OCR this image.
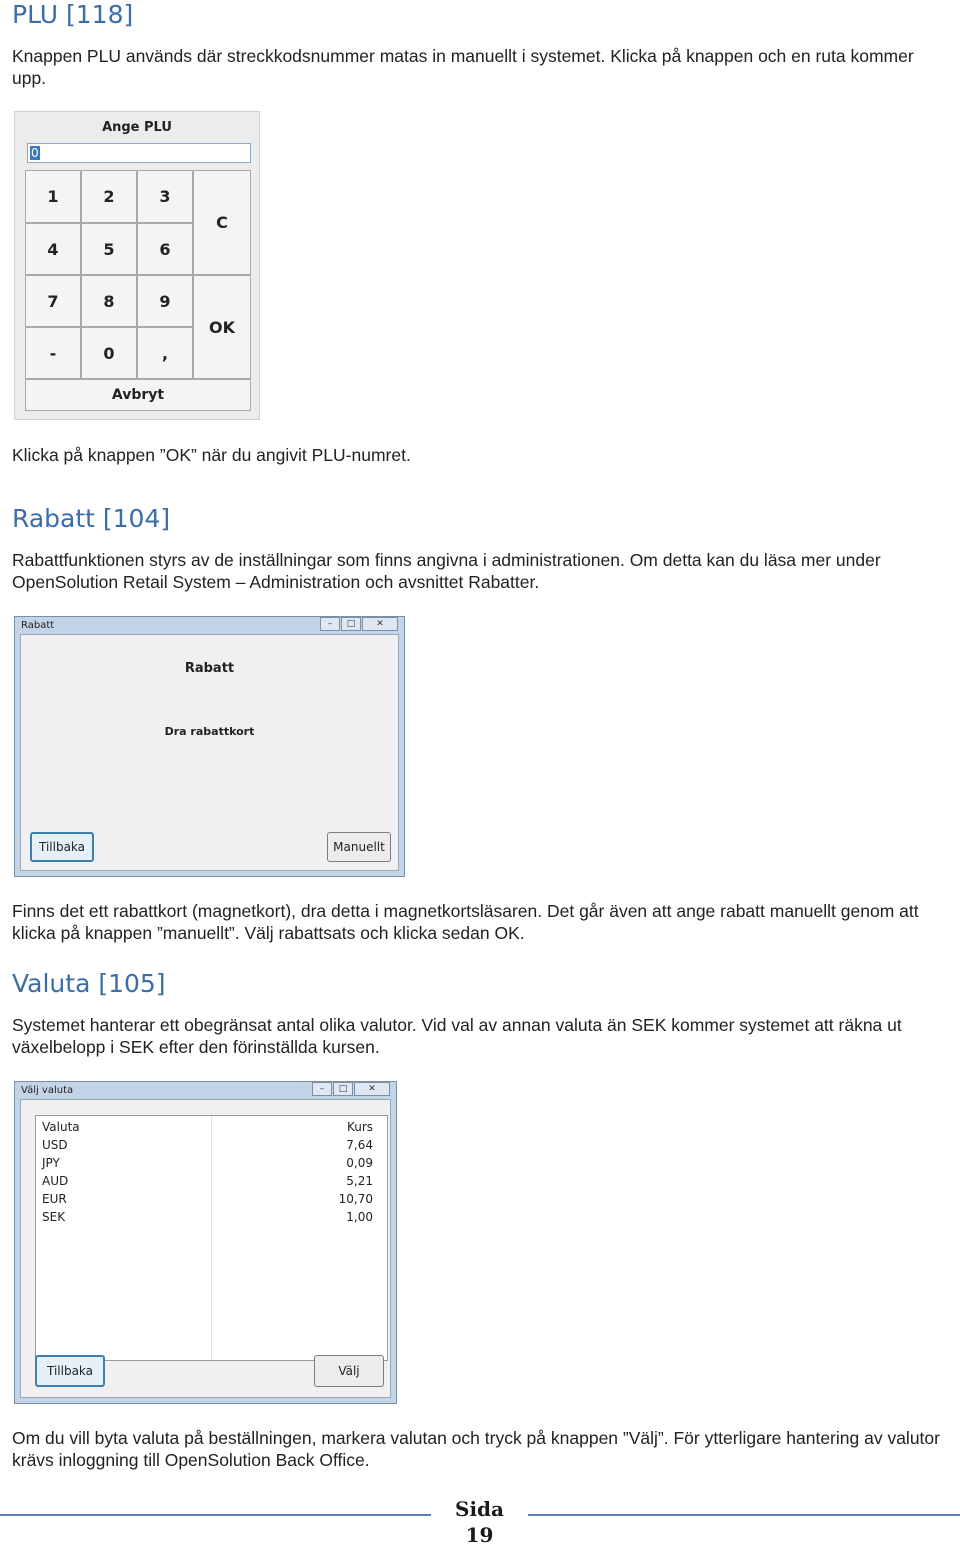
PLU [118]

Knappen PLU används där streckkodsnummer matas in manuellt i systemet. Klicka på knappen och en ruta kommer upp.

Ange PLU
0
1	2	3
4	5	6
7	8	9
-	0	,
C
OK
Avbryt

Klicka på knappen ”OK” när du angivit PLU-numret.

Rabatt [104]

Rabattfunktionen styrs av de inställningar som finns angivna i administrationen. Om detta kan du läsa mer under OpenSolution Retail System – Administration och avsnittet Rabatter.

Rabatt	–	□	✕
Rabatt
Dra rabattkort
Tillbaka	Manuellt

Finns det ett rabattkort (magnetkort), dra detta i magnetkortsläsaren. Det går även att ange rabatt manuellt genom att klicka på knappen ”manuellt”. Välj rabattsats och klicka sedan OK.

Valuta [105]

Systemet hanterar ett obegränsat antal olika valutor. Vid val av annan valuta än SEK kommer systemet att räkna ut växelbelopp i SEK efter den förinställda kursen.

Välj valuta	–	□	✕
Valuta	Kurs
USD	7,64
JPY	0,09
AUD	5,21
EUR	10,70
SEK	1,00
Tillbaka	Välj

Om du vill byta valuta på beställningen, markera valutan och tryck på knappen ”Välj”. För ytterligare hantering av valutor krävs inloggning till OpenSolution Back Office.

Sida
19
